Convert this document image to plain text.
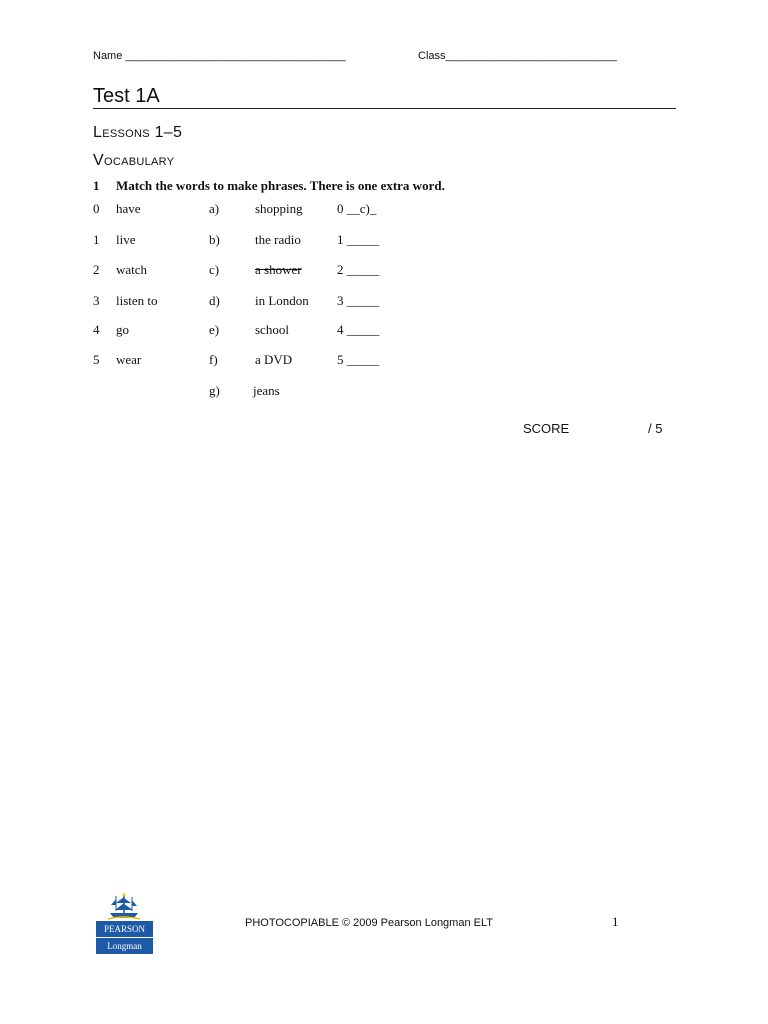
Name ____________________________________	Class____________________________
Test 1A
Lessons 1–5
Vocabulary
1 Match the words to make phrases. There is one extra word.
0 have	a)	shopping	0 __c)_
1 live	b)	the radio	1 _____
2 watch	c)	a shower	2 _____
3 listen to	d)	in London 3 _____
4 go	e)	school	4 _____
5 wear	f)	a DVD	5 _____
g)	jeans
SCORE	/ 5
PEARSON
Longman
PHOTOCOPIABLE © 2009 Pearson Longman ELT	1
